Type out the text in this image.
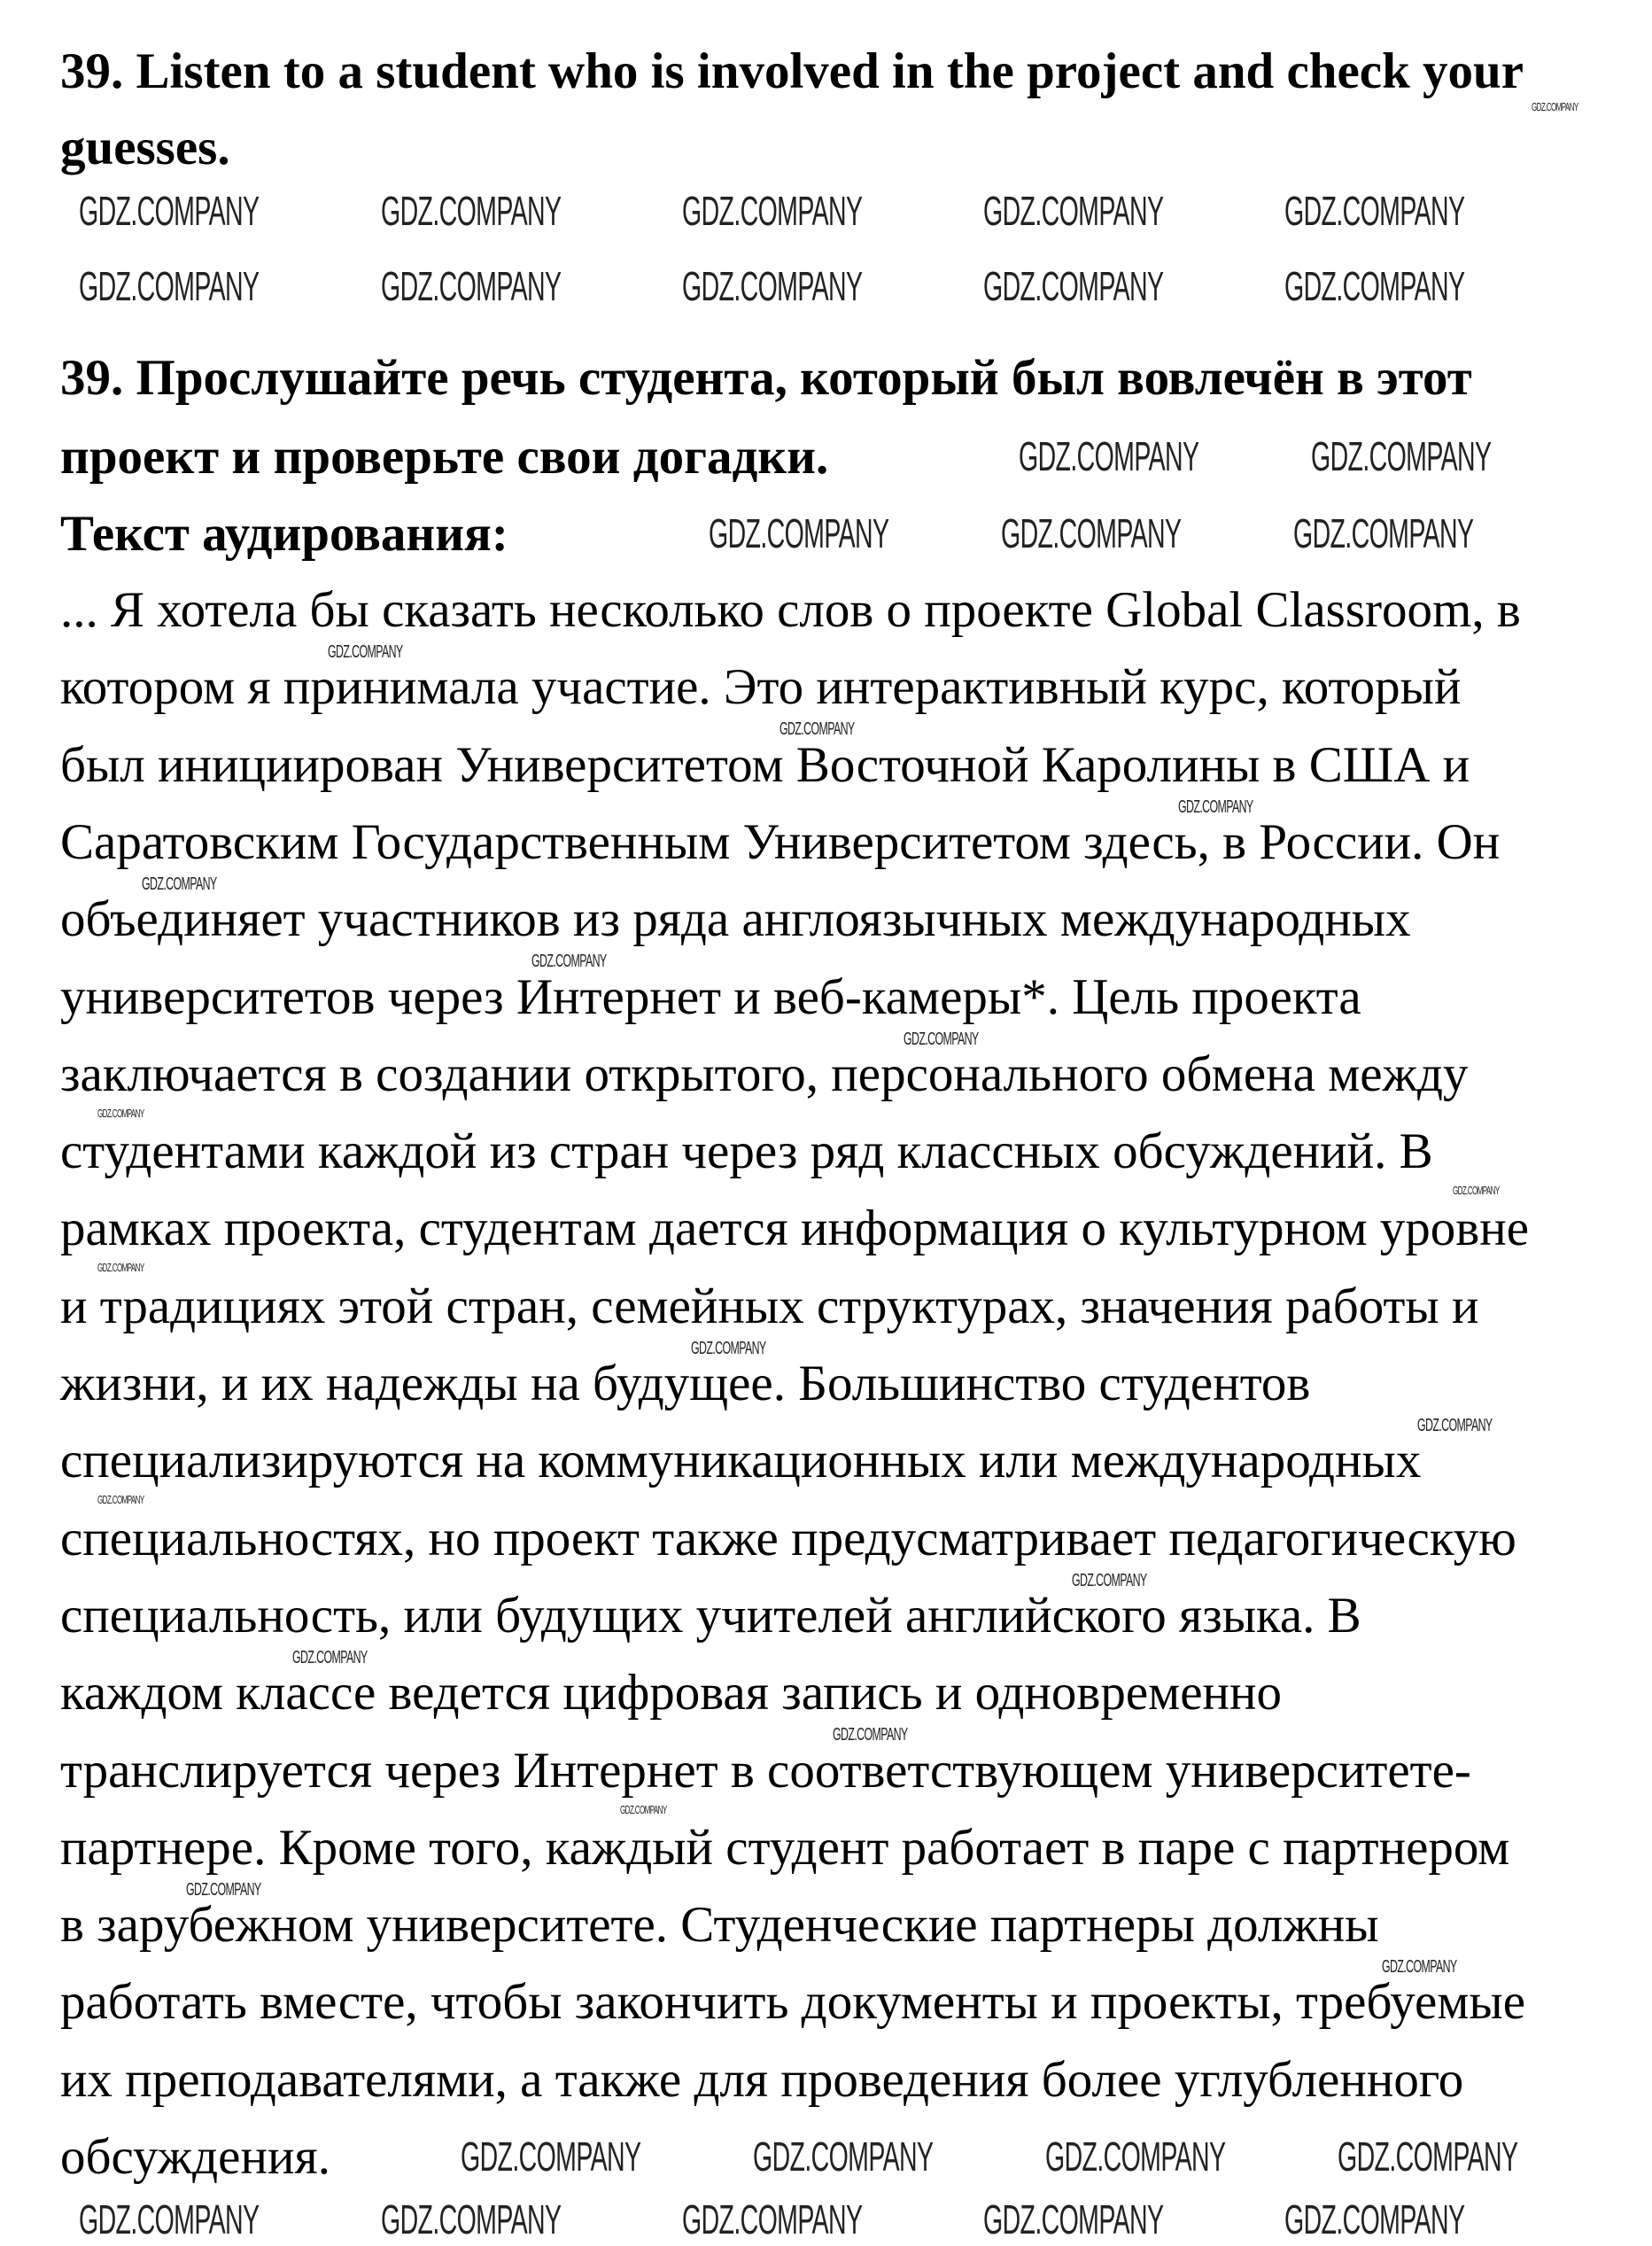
39. Listen to a student who is involved in the project and check your
guesses.
39. Прослушайте речь студента, который был вовлечён в этот
проект и проверьте свои догадки.
Текст аудирования:
... Я хотела бы сказать несколько слов о проекте Global Classroom, в
котором я принимала участие. Это интерактивный курс, который
был инициирован Университетом Восточной Каролины в США и
Саратовским Государственным Университетом здесь, в России. Он
объединяет участников из ряда англоязычных международных
университетов через Интернет и веб-камеры*. Цель проекта
заключается в создании открытого, персонального обмена между
студентами каждой из стран через ряд классных обсуждений. В
рамках проекта, студентам дается информация о культурном уровне
и традициях этой стран, семейных структурах, значения работы и
жизни, и их надежды на будущее. Большинство студентов
специализируются на коммуникационных или международных
специальностях, но проект также предусматривает педагогическую
специальность, или будущих учителей английского языка. В
каждом классе ведется цифровая запись и одновременно
транслируется через Интернет в соответствующем университете-
партнере. Кроме того, каждый студент работает в паре с партнером
в зарубежном университете. Студенческие партнеры должны
работать вместе, чтобы закончить документы и проекты, требуемые
их преподавателями, а также для проведения более углубленного
обсуждения.
GDZ.COMPANY	GDZ.COMPANY	GDZ.COMPANY	GDZ.COMPANY	GDZ.COMPANY
GDZ.COMPANY	GDZ.COMPANY	GDZ.COMPANY	GDZ.COMPANY	GDZ.COMPANY
GDZ.COMPANY	GDZ.COMPANY
GDZ.COMPANY	GDZ.COMPANY	GDZ.COMPANY
GDZ.COMPANY	GDZ.COMPANY	GDZ.COMPANY	GDZ.COMPANY
GDZ.COMPANY	GDZ.COMPANY	GDZ.COMPANY	GDZ.COMPANY	GDZ.COMPANY
GDZ.COMPANY
GDZ.COMPANY
GDZ.COMPANY
GDZ.COMPANY
GDZ.COMPANY
GDZ.COMPANY
GDZ.COMPANY
GDZ.COMPANY
GDZ.COMPANY
GDZ.COMPANY
GDZ.COMPANY
GDZ.COMPANY
GDZ.COMPANY
GDZ.COMPANY
GDZ.COMPANY
GDZ.COMPANY
GDZ.COMPANY
GDZ.COMPANY
GDZ.COMPANY
